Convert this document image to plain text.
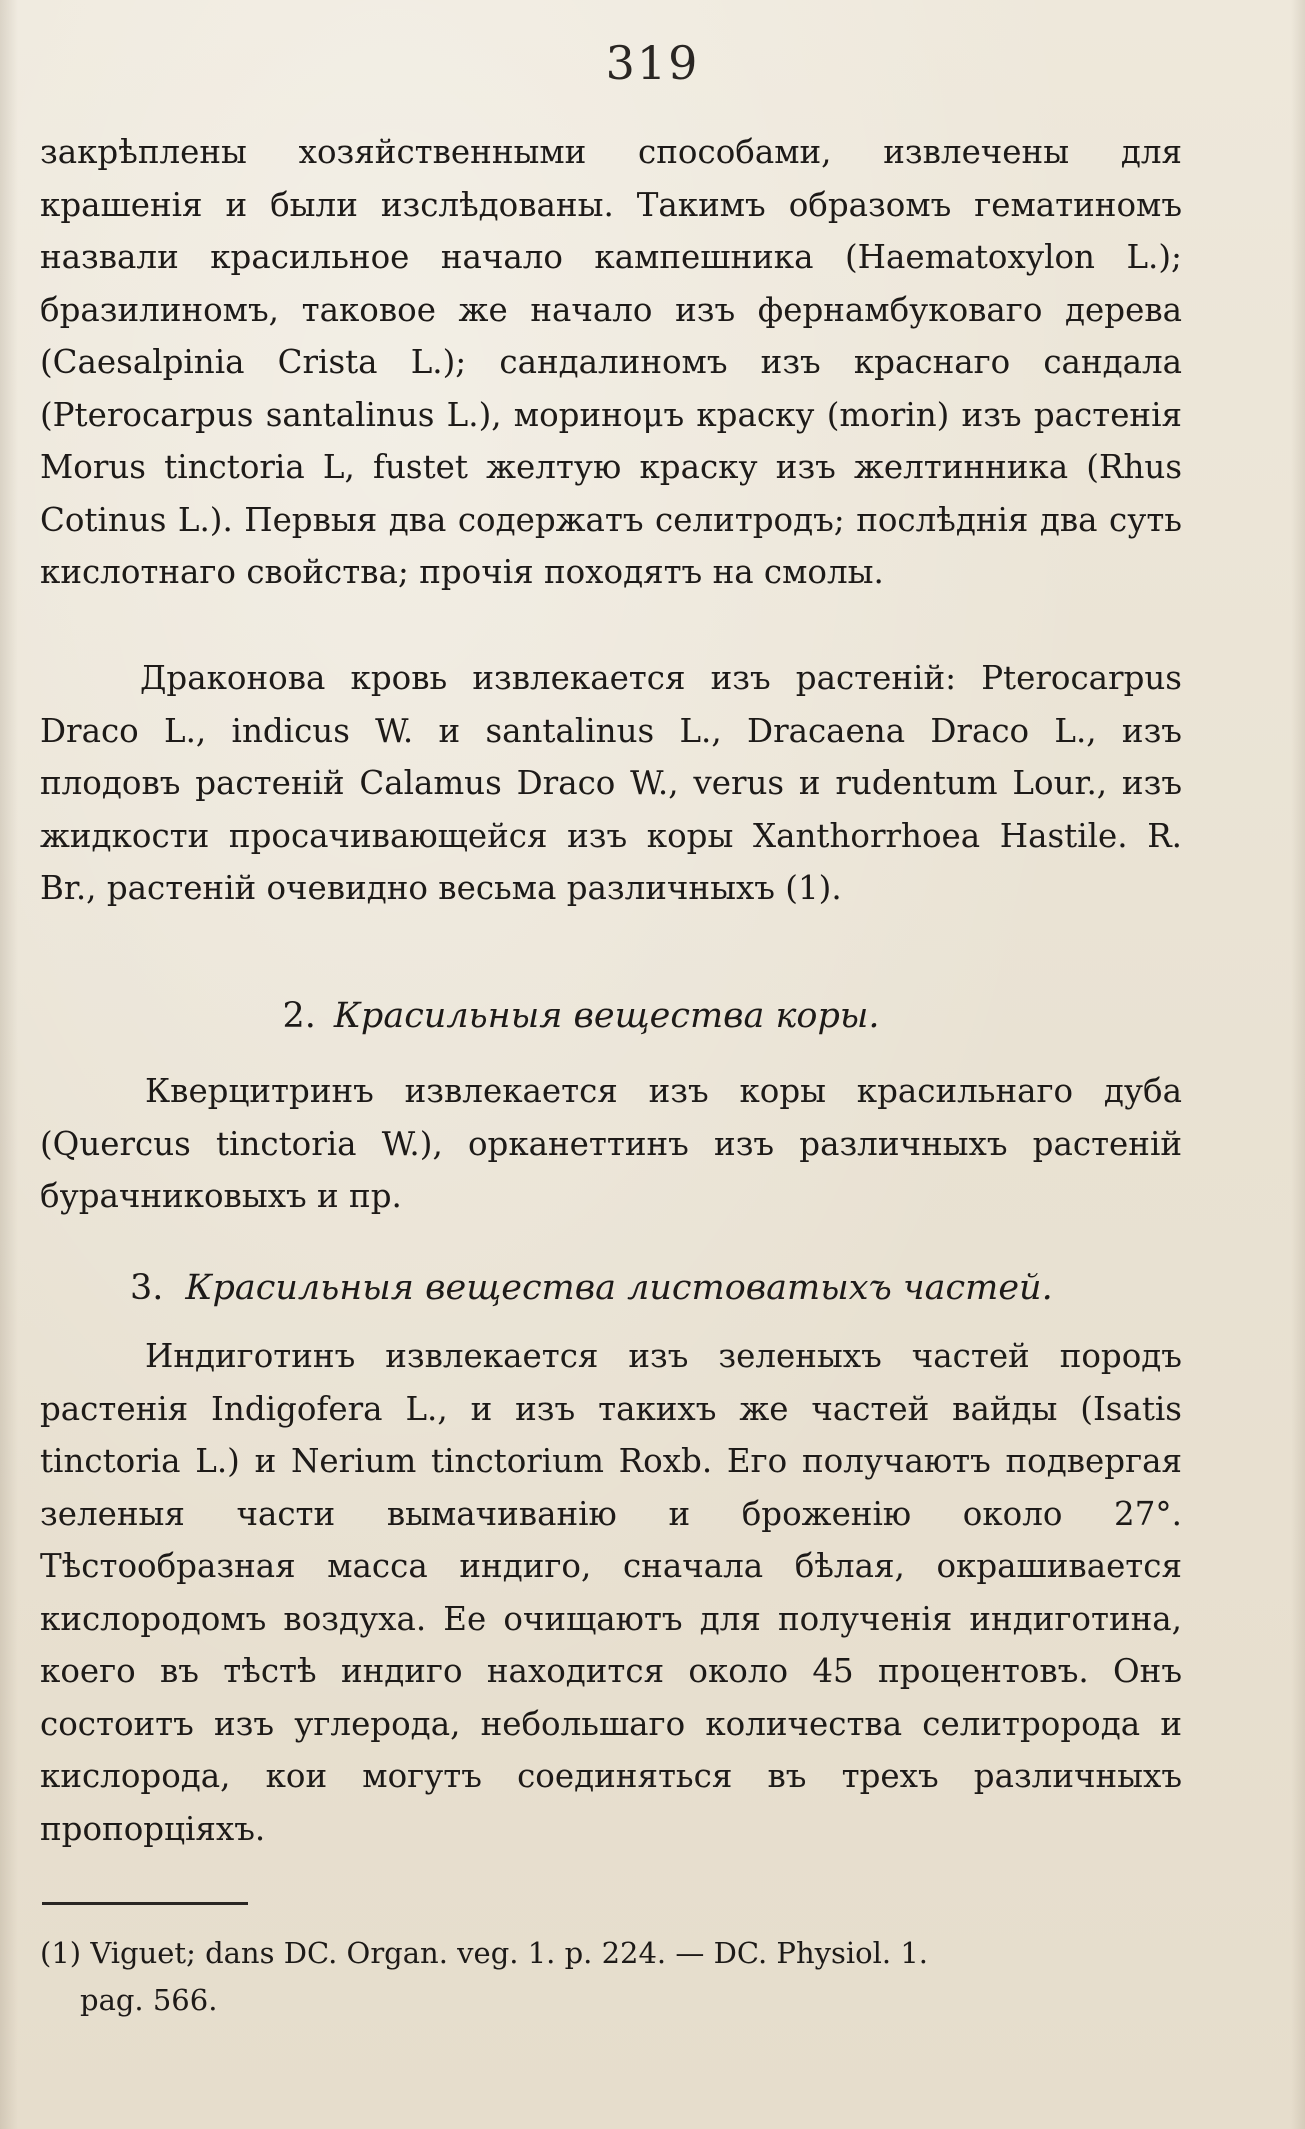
319

закрѣплены хозяйственными способами, извлечены для крашенія и были изслѣдованы. Такимъ образомъ гематиномъ назвали красильное начало кампешника (Haematoxylon L.); бразилиномъ, таковое же начало изъ фернамбуковаго дерева (Caesalpinia Crista L.); сандалиномъ изъ краснаго сандала (Pterocarpus santalinus L.), моринομъ краску (morin) изъ растенія Morus tinctoria L, fustet желтую краску изъ желтинника (Rhus Cotinus L.). Первыя два содержатъ селитродъ; послѣднія два суть кислотнаго свойства; прочія походятъ на смолы.

Драконова кровь извлекается изъ растеній: Pterocarpus Draco L., indicus W. и santalinus L., Dracaena Draco L., изъ плодовъ растеній Calamus Draco W., verus и rudentum Lour., изъ жидкости просачивающейся изъ коры Xanthorrhoea Hastile. R. Br., растеній очевидно весьма различныхъ (1).

2. Красильныя вещества коры.

Кверцитринъ извлекается изъ коры красильнаго дуба (Quercus tinctoria W.), орканеттинъ изъ различныхъ растеній бурачниковыхъ и пр.

3. Красильныя вещества листоватыхъ частей.

Индиготинъ извлекается изъ зеленыхъ частей породъ растенія Indigofera L., и изъ такихъ же частей вайды (Isatis tinctoria L.) и Nerium tinctorium Roxb. Его получаютъ подвергая зеленыя части вымачиванію и броженію около 27°. Тѣстообразная масса индиго, сначала бѣлая, окрашивается кислородомъ воздуха. Ее очищаютъ для полученія индиготина, коего въ тѣстѣ индиго находится около 45 процентовъ. Онъ состоитъ изъ углерода, небольшаго количества селитророда и кислорода, кои могутъ соединяться въ трехъ различныхъ пропорціяхъ.

(1) Viguet; dans DC. Organ. veg. 1. p. 224. — DC. Physiol. 1.
pag. 566.
